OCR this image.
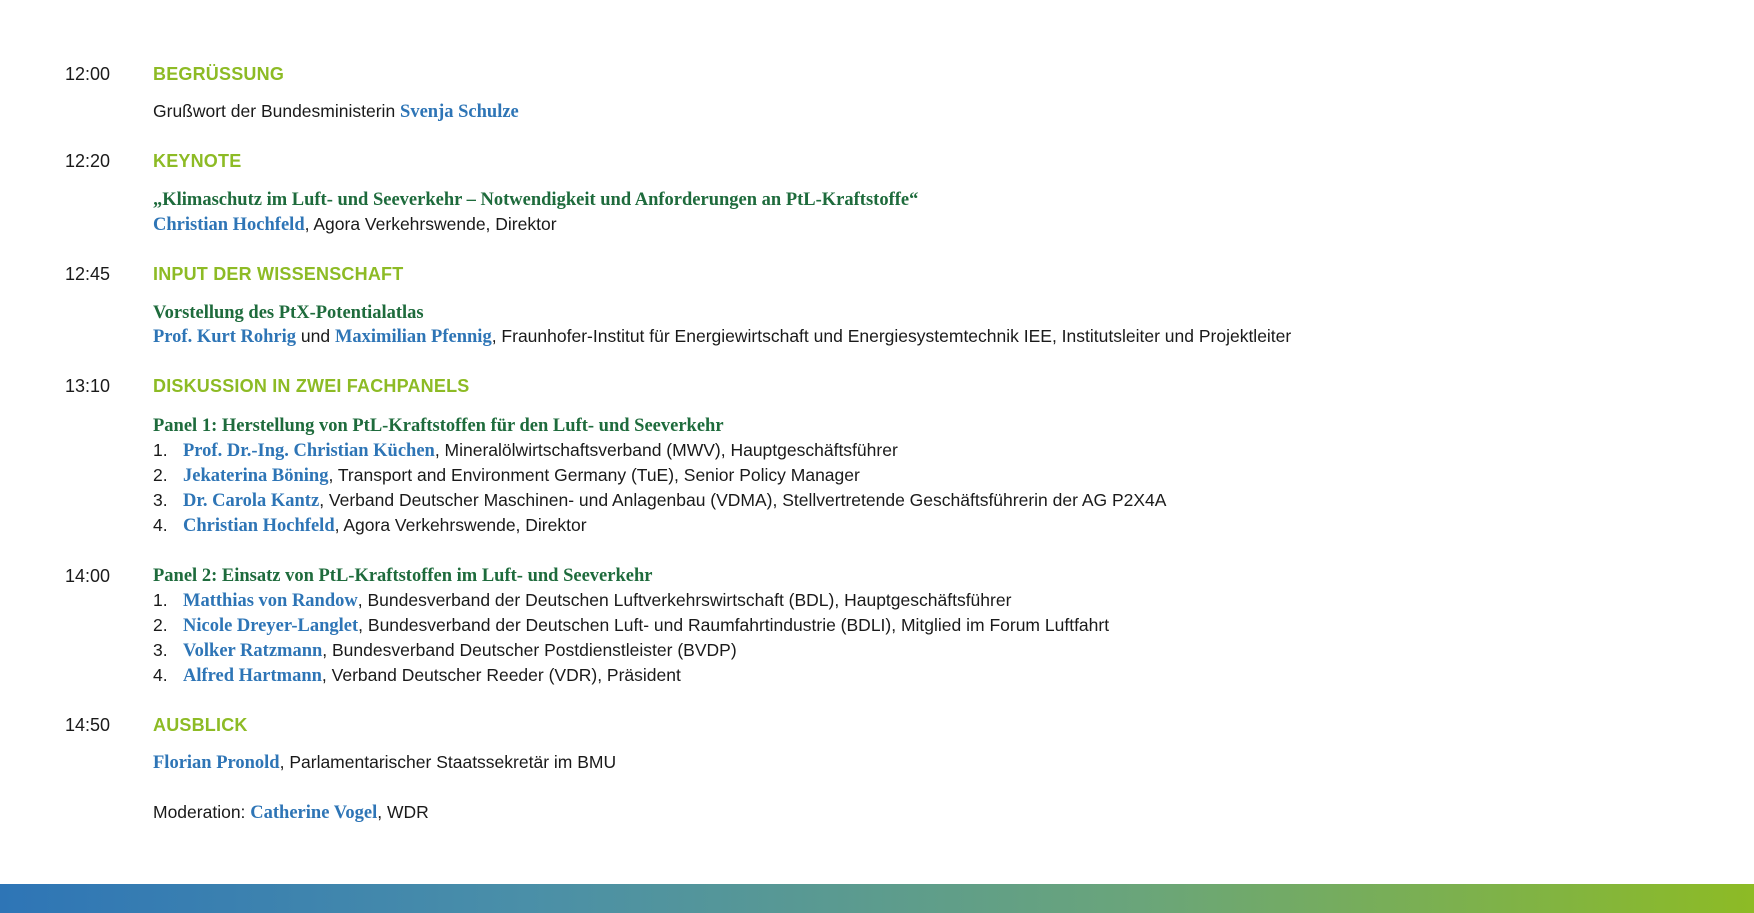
12:00	BEGRÜSSUNG
Grußwort der Bundesministerin Svenja Schulze
12:20	KEYNOTE
„Klimaschutz im Luft- und Seeverkehr – Notwendigkeit und Anforderungen an PtL-Kraftstoffe“
Christian Hochfeld, Agora Verkehrswende, Direktor
12:45	INPUT DER WISSENSCHAFT
Vorstellung des PtX-Potentialatlas
Prof. Kurt Rohrig und Maximilian Pfennig, Fraunhofer-Institut für Energiewirtschaft und Energiesystemtechnik IEE, Institutsleiter und Projektleiter
13:10	DISKUSSION IN ZWEI FACHPANELS
Panel 1: Herstellung von PtL-Kraftstoffen für den Luft- und Seeverkehr
1. Prof. Dr.-Ing. Christian Küchen, Mineralölwirtschaftsverband (MWV), Hauptgeschäftsführer
2. Jekaterina Böning, Transport and Environment Germany (TuE), Senior Policy Manager
3. Dr. Carola Kantz, Verband Deutscher Maschinen- und Anlagenbau (VDMA), Stellvertretende Geschäftsführerin der AG P2X4A
4. Christian Hochfeld, Agora Verkehrswende, Direktor
14:00	Panel 2: Einsatz von PtL-Kraftstoffen im Luft- und Seeverkehr
1. Matthias von Randow, Bundesverband der Deutschen Luftverkehrswirtschaft (BDL), Hauptgeschäftsführer
2. Nicole Dreyer-Langlet, Bundesverband der Deutschen Luft- und Raumfahrtindustrie (BDLI), Mitglied im Forum Luftfahrt
3. Volker Ratzmann, Bundesverband Deutscher Postdienstleister (BVDP)
4. Alfred Hartmann, Verband Deutscher Reeder (VDR), Präsident
14:50	AUSBLICK
Florian Pronold, Parlamentarischer Staatssekretär im BMU
Moderation: Catherine Vogel, WDR
